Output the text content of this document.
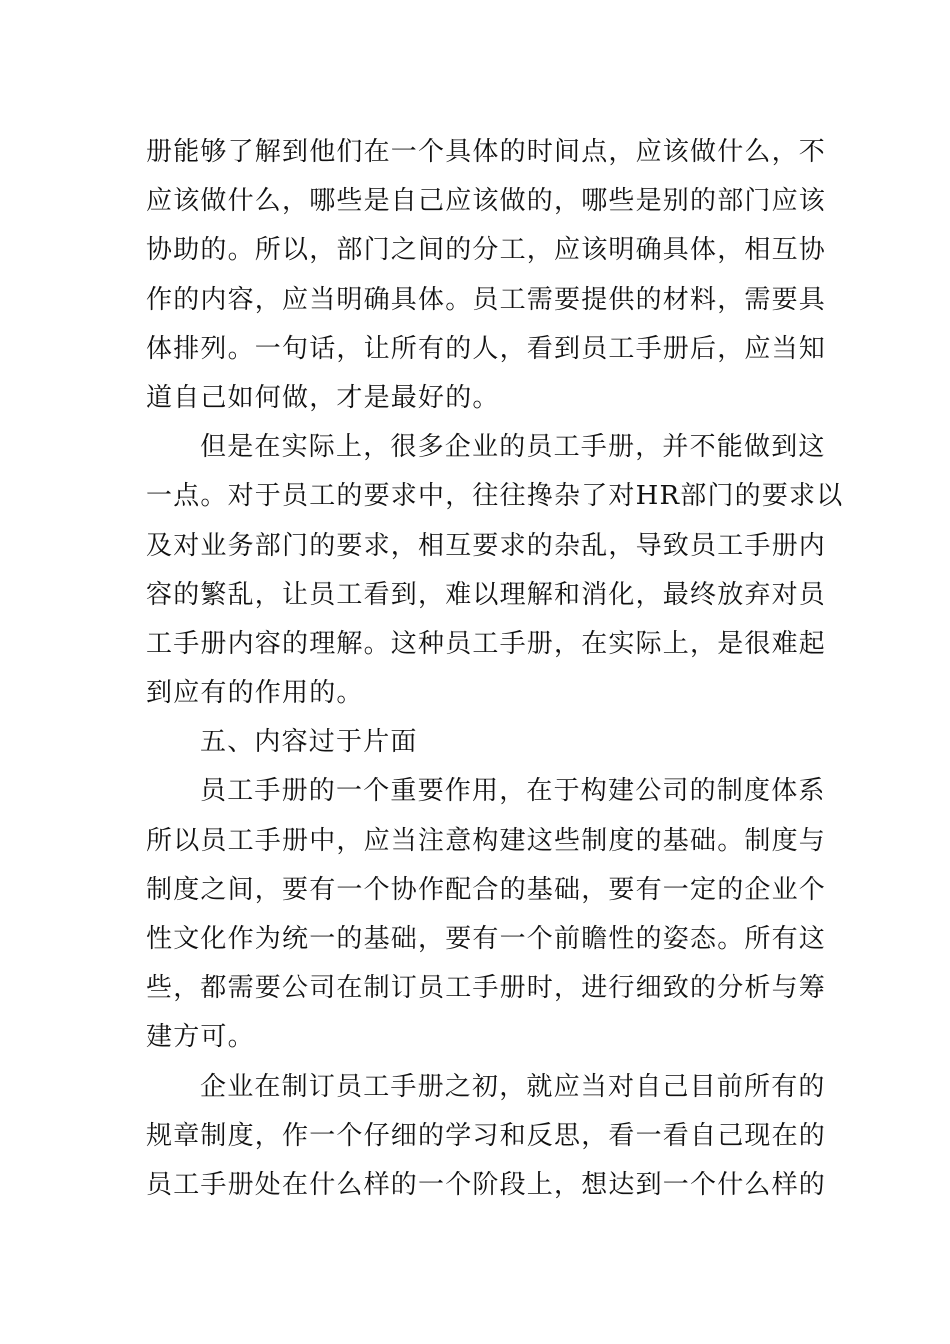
册能够了解到他们在一个具体的时间点，应该做什么，不
应该做什么，哪些是自己应该做的，哪些是别的部门应该
协助的。所以，部门之间的分工，应该明确具体，相互协
作的内容，应当明确具体。员工需要提供的材料，需要具
体排列。一句话，让所有的人，看到员工手册后，应当知
道自己如何做，才是最好的。
但是在实际上，很多企业的员工手册，并不能做到这
一点。对于员工的要求中，往往搀杂了对HR部门的要求以
及对业务部门的要求，相互要求的杂乱，导致员工手册内
容的繁乱，让员工看到，难以理解和消化，最终放弃对员
工手册内容的理解。这种员工手册，在实际上，是很难起
到应有的作用的。
五、内容过于片面
员工手册的一个重要作用，在于构建公司的制度体系
所以员工手册中，应当注意构建这些制度的基础。制度与
制度之间，要有一个协作配合的基础，要有一定的企业个
性文化作为统一的基础，要有一个前瞻性的姿态。所有这
些，都需要公司在制订员工手册时，进行细致的分析与筹
建方可。
企业在制订员工手册之初，就应当对自己目前所有的
规章制度，作一个仔细的学习和反思，看一看自己现在的
员工手册处在什么样的一个阶段上，想达到一个什么样的
